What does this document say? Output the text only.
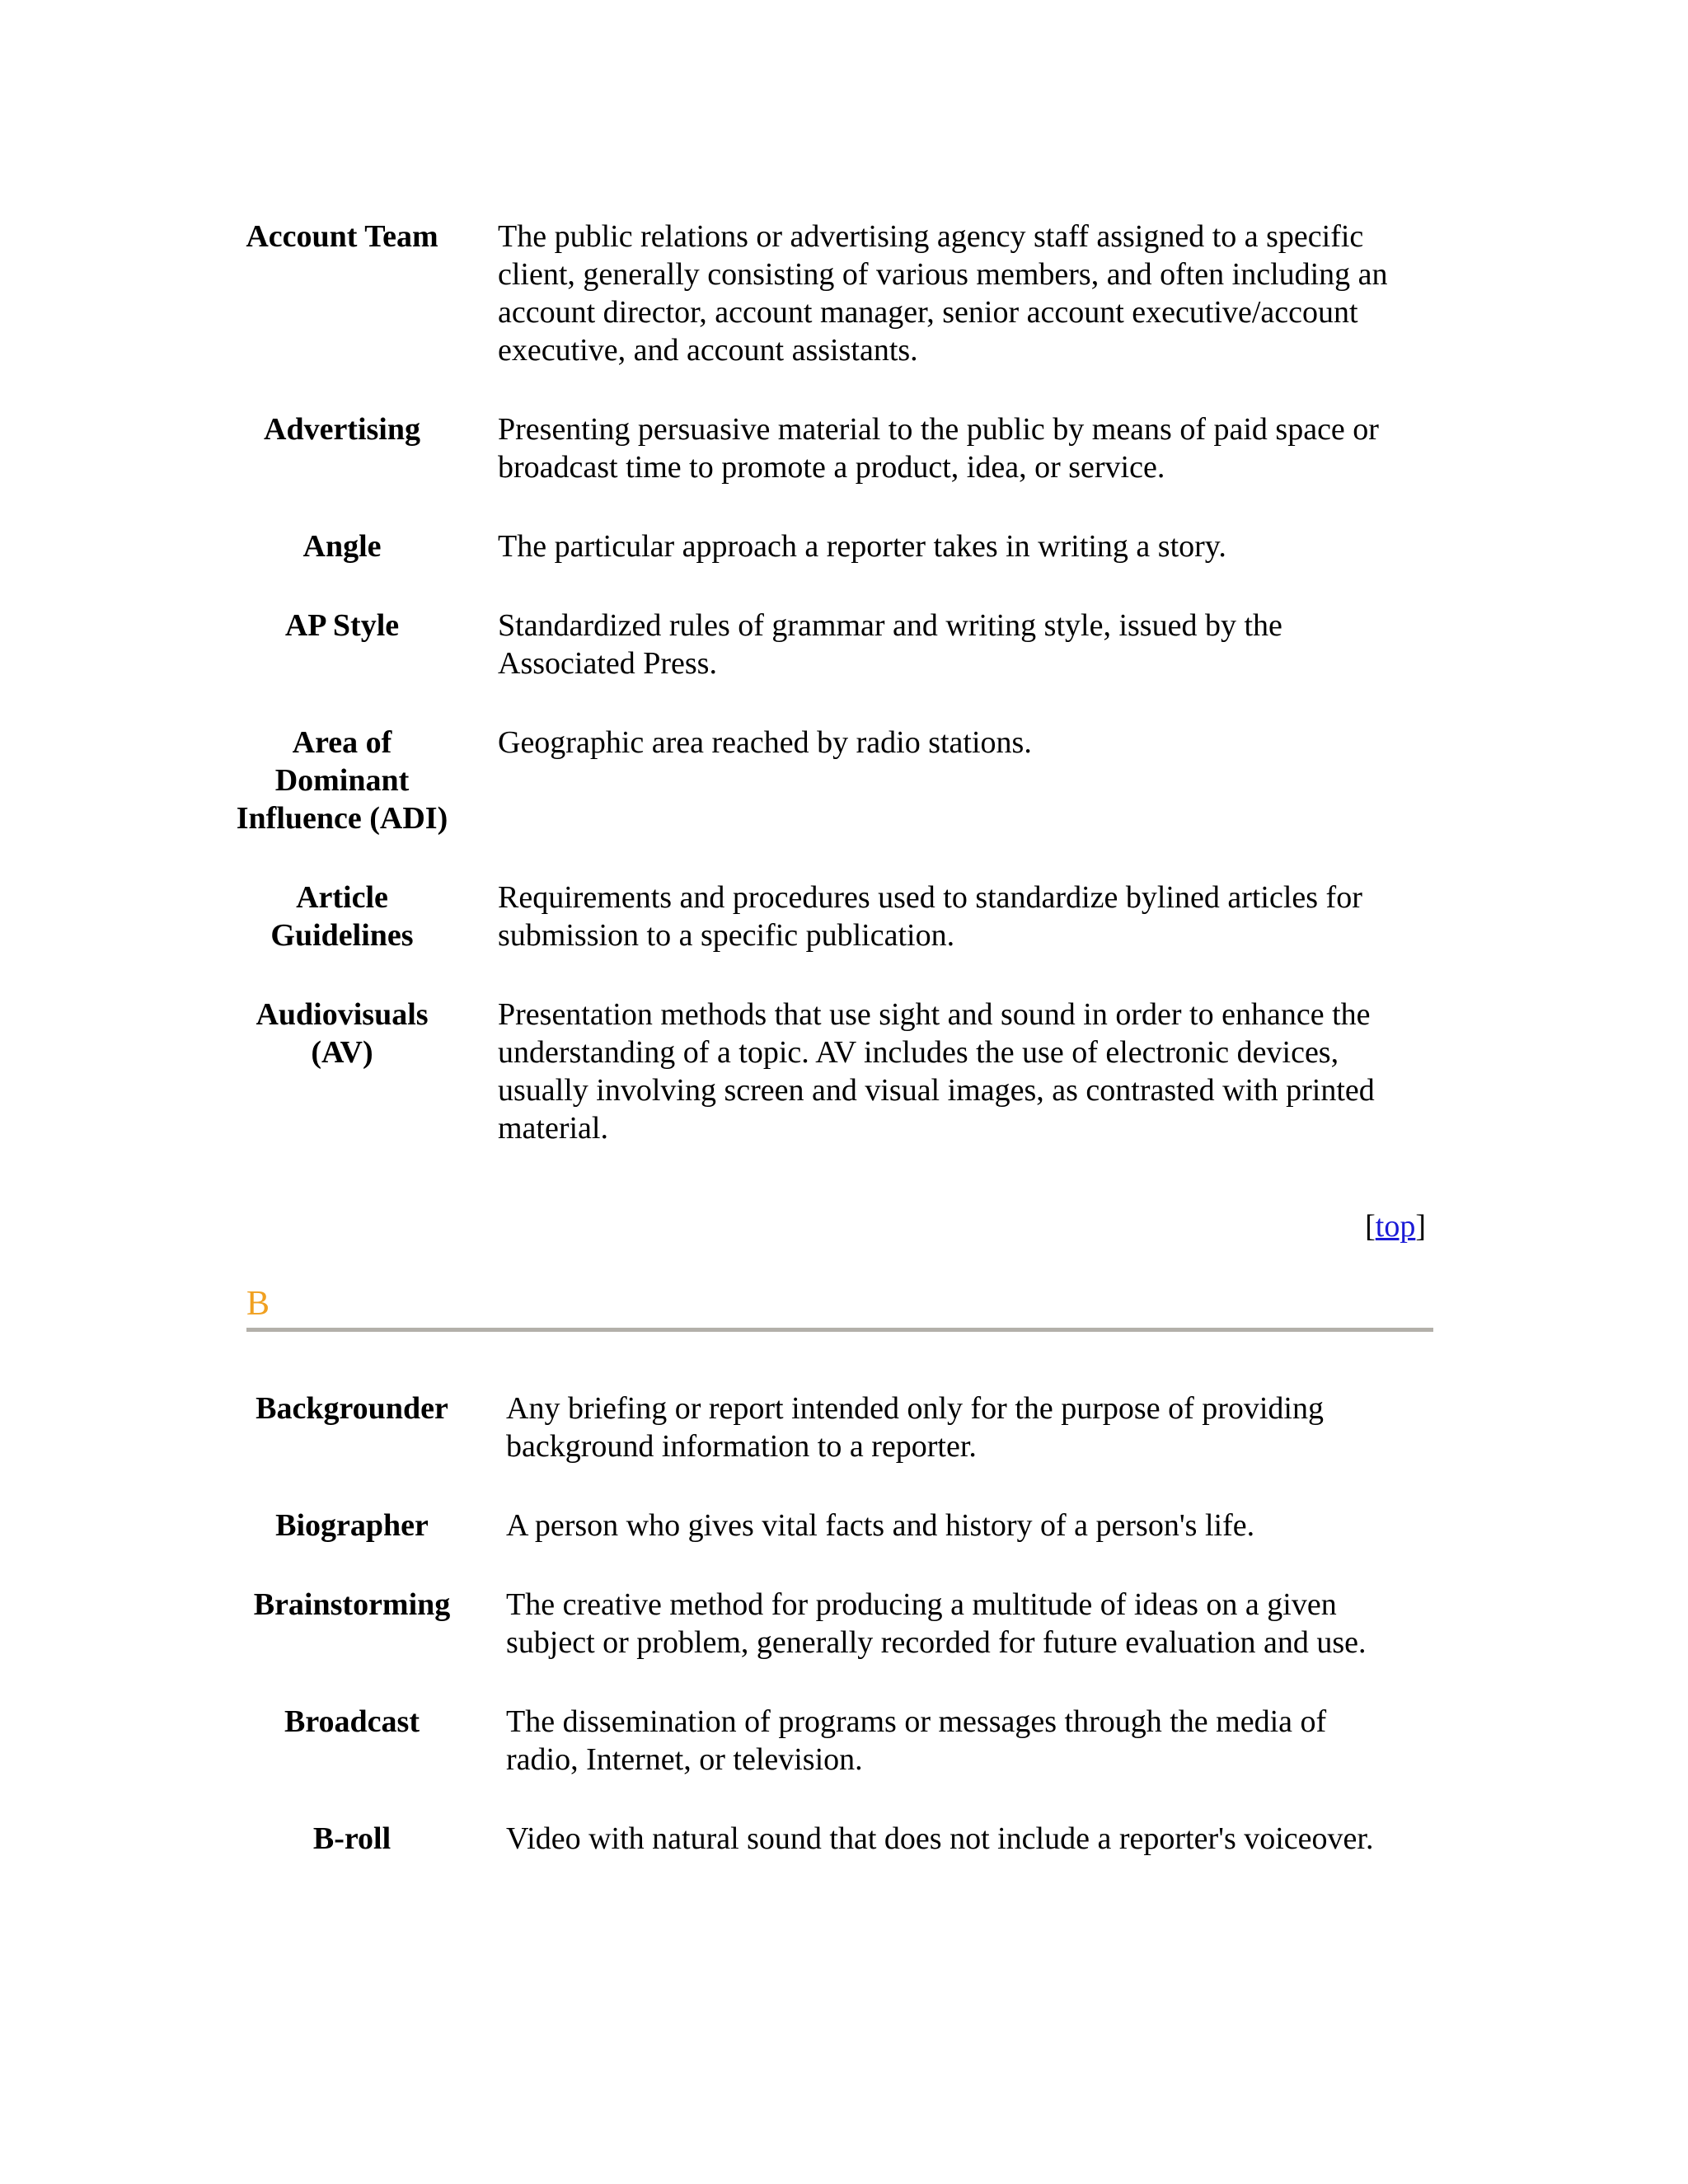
Account Team		The public relations or advertising agency staff assigned to a specific client, generally consisting of various members, and often including an account director, account manager, senior account executive/account executive, and account assistants.

Advertising		Presenting persuasive material to the public by means of paid space or broadcast time to promote a product, idea, or service.

Angle		The particular approach a reporter takes in writing a story.

AP Style		Standardized rules of grammar and writing style, issued by the Associated Press.

Area of Dominant Influence (ADI)		Geographic area reached by radio stations.

Article Guidelines		Requirements and procedures used to standardize bylined articles for submission to a specific publication.

Audiovisuals (AV)		Presentation methods that use sight and sound in order to enhance the understanding of a topic. AV includes the use of electronic devices, usually involving screen and visual images, as contrasted with printed material.
[top]
B
Backgrounder		Any briefing or report intended only for the purpose of providing background information to a reporter.

Biographer		A person who gives vital facts and history of a person's life.

Brainstorming		The creative method for producing a multitude of ideas on a given subject or problem, generally recorded for future evaluation and use.

Broadcast		The dissemination of programs or messages through the media of radio, Internet, or television.

B-roll		Video with natural sound that does not include a reporter's voiceover.
